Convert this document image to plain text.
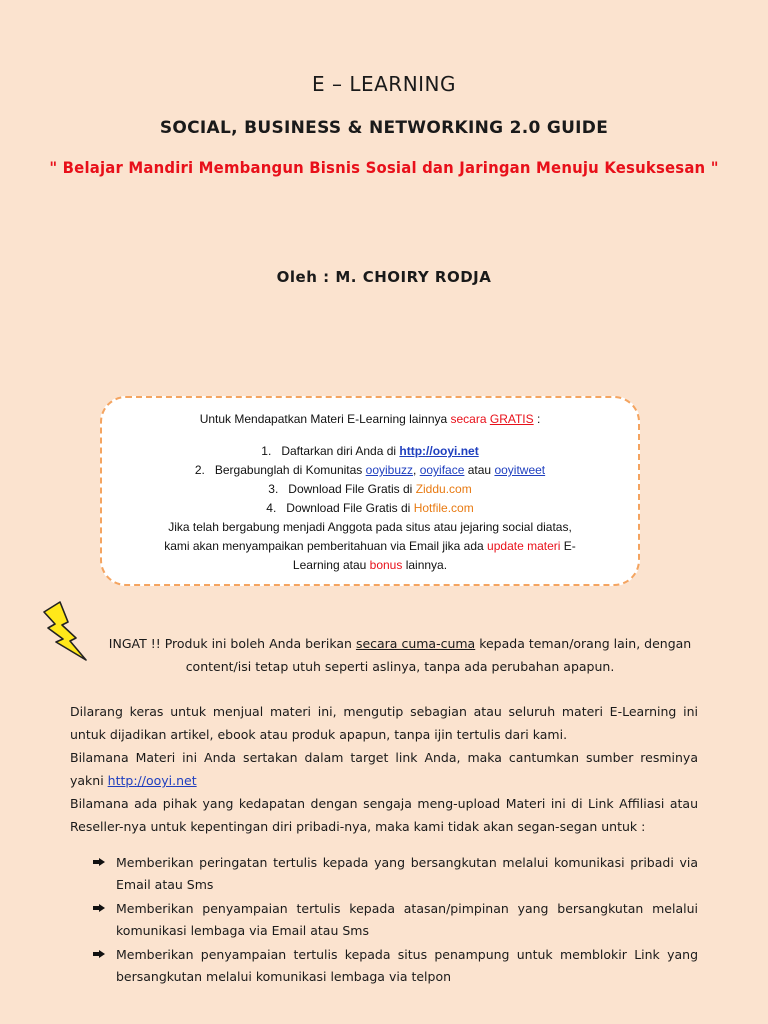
E – LEARNING
SOCIAL, BUSINESS & NETWORKING 2.0 GUIDE
" Belajar Mandiri Membangun Bisnis Sosial dan Jaringan Menuju Kesuksesan "
Oleh : M. CHOIRY RODJA
Untuk Mendapatkan Materi E-Learning lainnya secara GRATIS :
1. Daftarkan diri Anda di http://ooyi.net
2. Bergabunglah di Komunitas ooyibuzz, ooyiface atau ooyitweet
3. Download File Gratis di Ziddu.com
4. Download File Gratis di Hotfile.com
Jika telah bergabung menjadi Anggota pada situs atau jejaring social diatas,
kami akan menyampaikan pemberitahuan via Email jika ada update materi E-
Learning atau bonus lainnya.
INGAT !! Produk ini boleh Anda berikan secara cuma-cuma kepada teman/orang lain, dengan
content/isi tetap utuh seperti aslinya, tanpa ada perubahan apapun.

Dilarang keras untuk menjual materi ini, mengutip sebagian atau seluruh materi E-Learning ini untuk dijadikan artikel, ebook atau produk apapun, tanpa ijin tertulis dari kami.

Bilamana Materi ini Anda sertakan dalam target link Anda, maka cantumkan sumber resminya yakni http://ooyi.net

Bilamana ada pihak yang kedapatan dengan sengaja meng-upload Materi ini di Link Affiliasi atau Reseller-nya untuk kepentingan diri pribadi-nya, maka kami tidak akan segan-segan untuk :

Memberikan peringatan tertulis kepada yang bersangkutan melalui komunikasi pribadi via Email atau Sms
Memberikan penyampaian tertulis kepada atasan/pimpinan yang bersangkutan melalui komunikasi lembaga via Email atau Sms
Memberikan penyampaian tertulis kepada situs penampung untuk memblokir Link yang bersangkutan melalui komunikasi lembaga via telpon
